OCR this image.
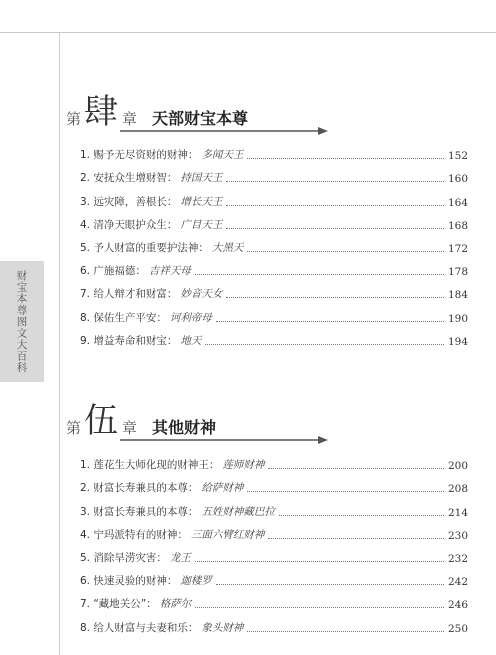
财宝本尊图文大百科
第 肆 章 天部财宝本尊
1. 赐予无尽资财的财神： 多闻天王	152
2. 安抚众生增财智： 持国天王	160
3. 远灾障，善根长： 增长天王	164
4. 清净天眼护众生： 广目天王	168
5. 予人财富的重要护法神： 大黑天	172
6. 广施福德： 吉祥天母	178
7. 给人辩才和财富： 妙音天女	184
8. 保佑生产平安： 诃利帝母	190
9. 增益寿命和财宝： 地天	194
第 伍 章 其他财神
1. 莲花生大师化现的财神王： 莲师财神	200
2. 财富长寿兼具的本尊： 给萨财神	208
3. 财富长寿兼具的本尊： 五姓财神藏巴拉	214
4. 宁玛派特有的财神： 三面六臂红财神	230
5. 消除旱涝灾害： 龙王	232
6. 快速灵验的财神： 迦楼罗	242
7. “藏地关公”： 格萨尔	246
8. 给人财富与夫妻和乐： 象头财神	250
